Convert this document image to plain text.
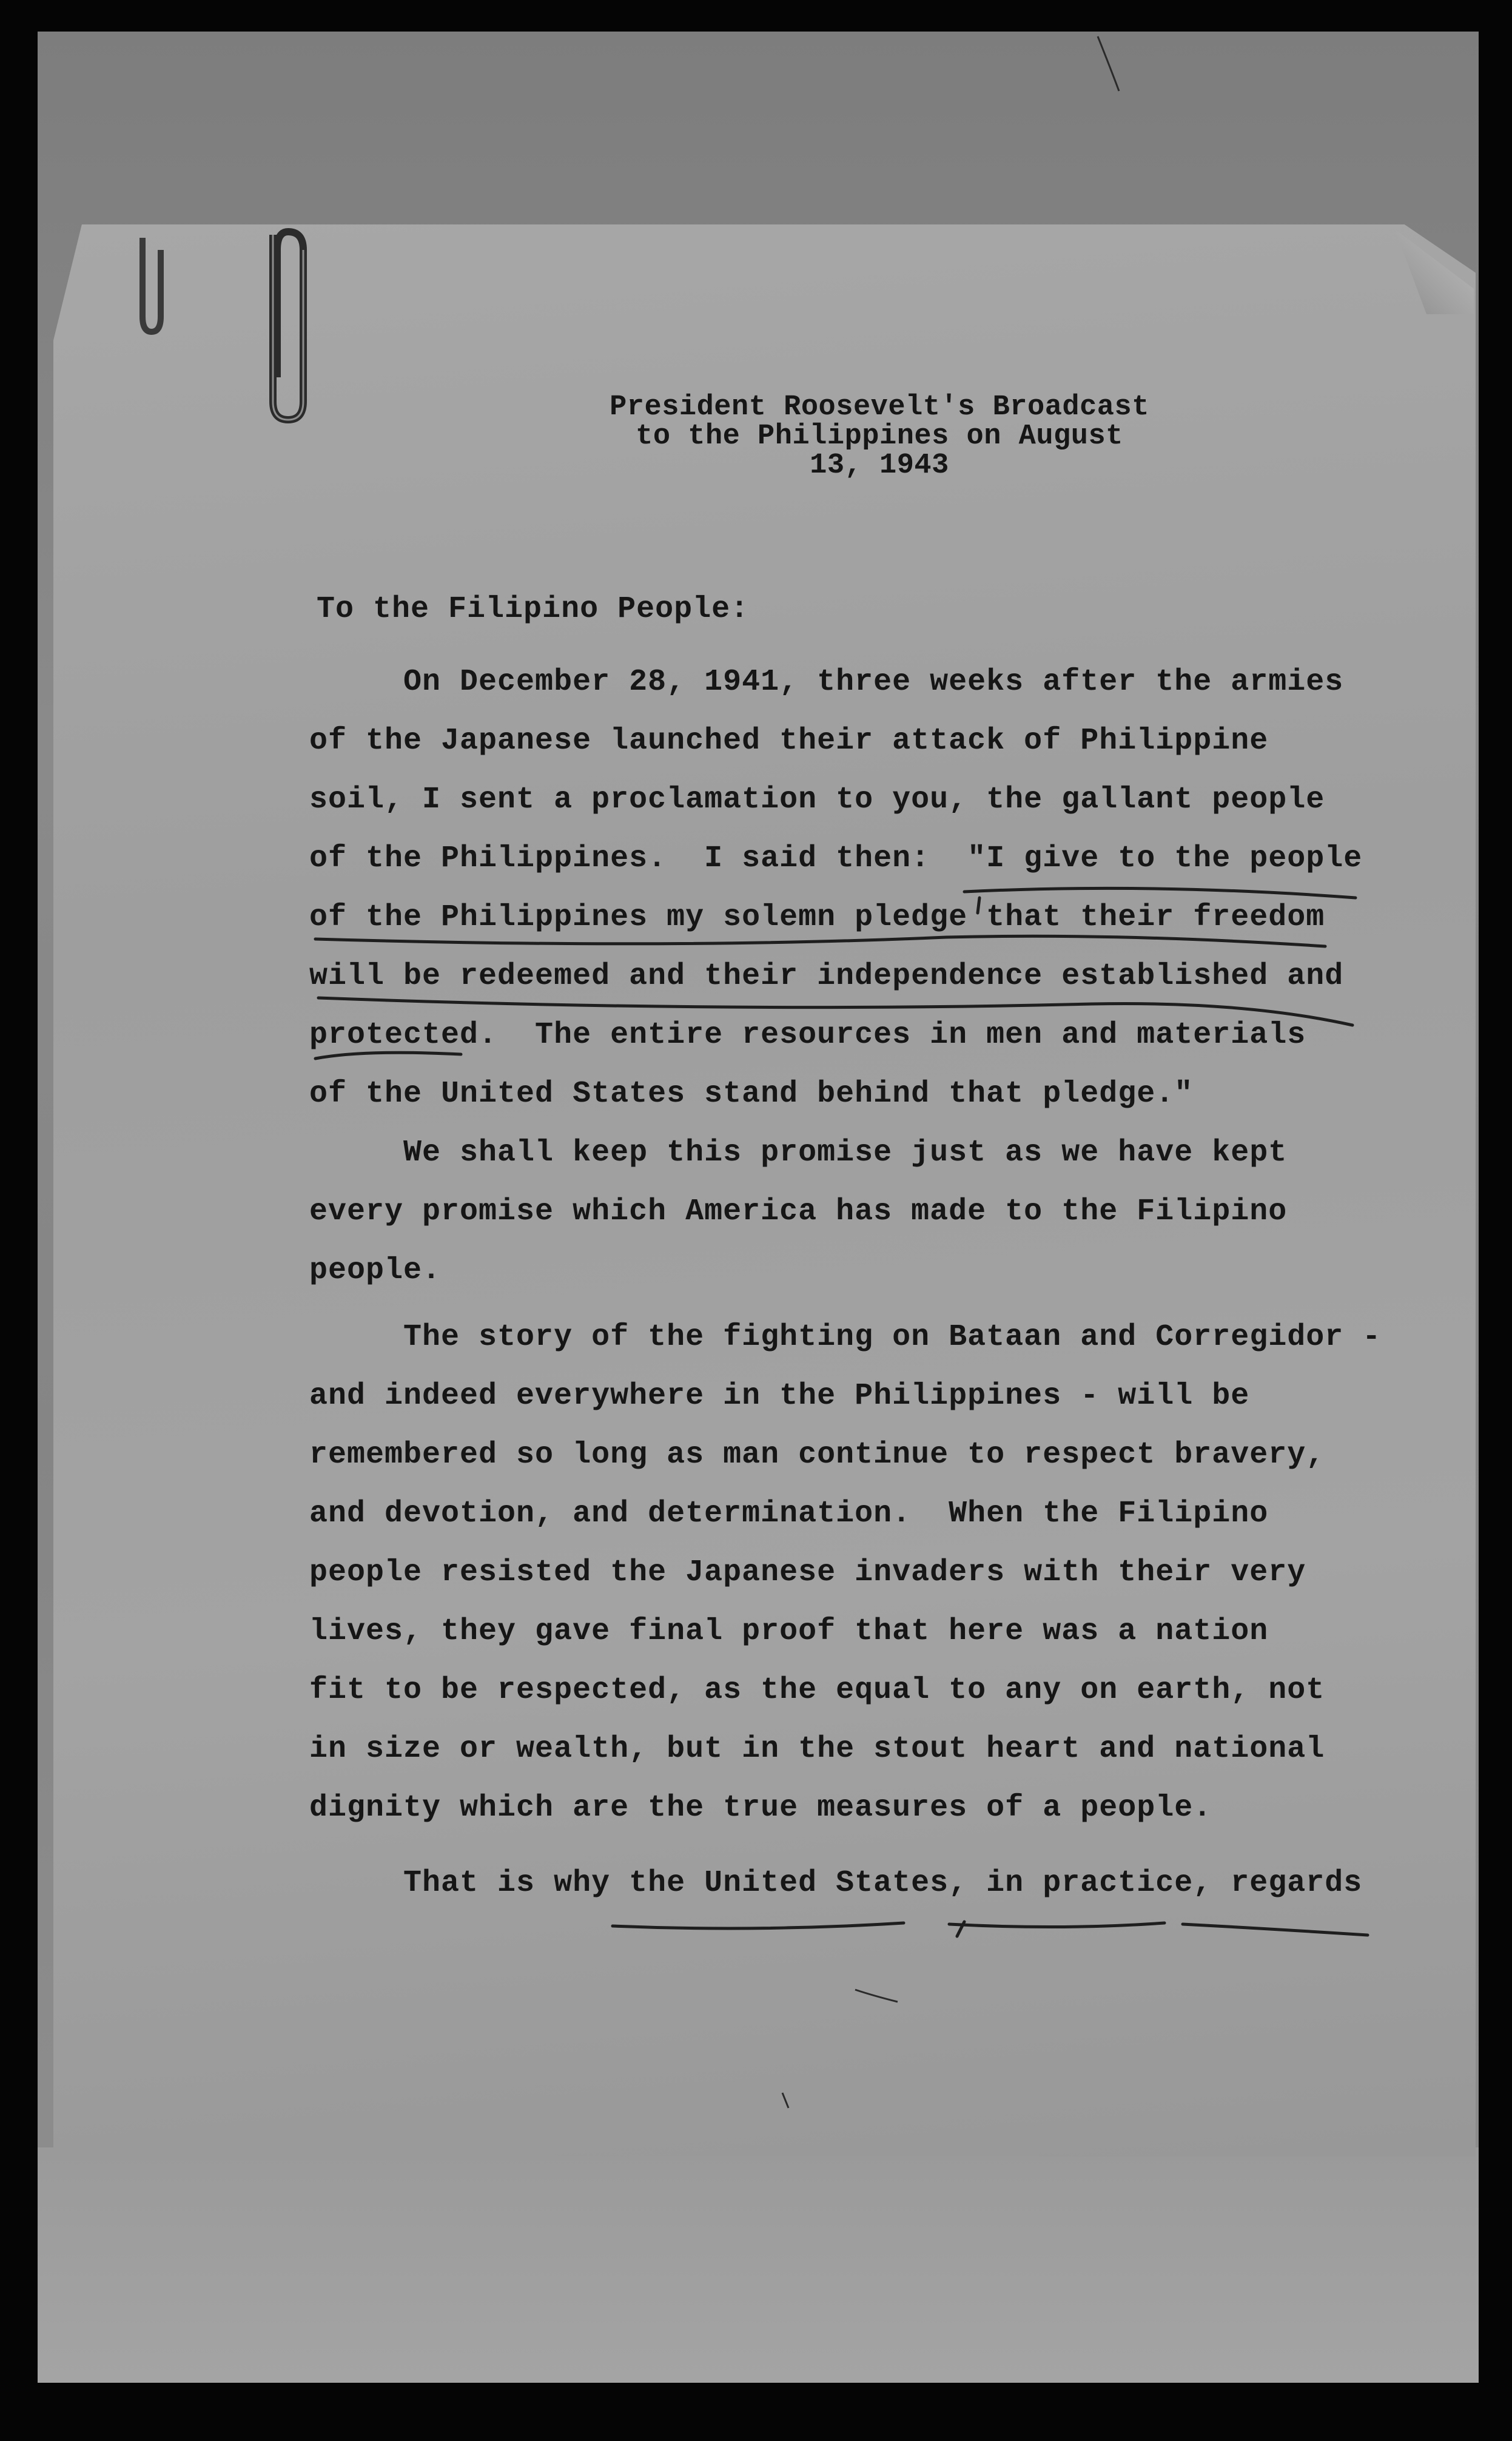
President Roosevelt's Broadcast
to the Philippines on August
13, 1943
To the Filipino People:
On December 28, 1941, three weeks after the armies
of the Japanese launched their attack of Philippine
soil, I sent a proclamation to you, the gallant people
of the Philippines.  I said then:  "I give to the people
of the Philippines my solemn pledge that their freedom
will be redeemed and their independence established and
protected.  The entire resources in men and materials
of the United States stand behind that pledge."
We shall keep this promise just as we have kept
every promise which America has made to the Filipino
people.
The story of the fighting on Bataan and Corregidor -
and indeed everywhere in the Philippines - will be
remembered so long as man continue to respect bravery,
and devotion, and determination.  When the Filipino
people resisted the Japanese invaders with their very
lives, they gave final proof that here was a nation
fit to be respected, as the equal to any on earth, not
in size or wealth, but in the stout heart and national
dignity which are the true measures of a people.
That is why the United States, in practice, regards
